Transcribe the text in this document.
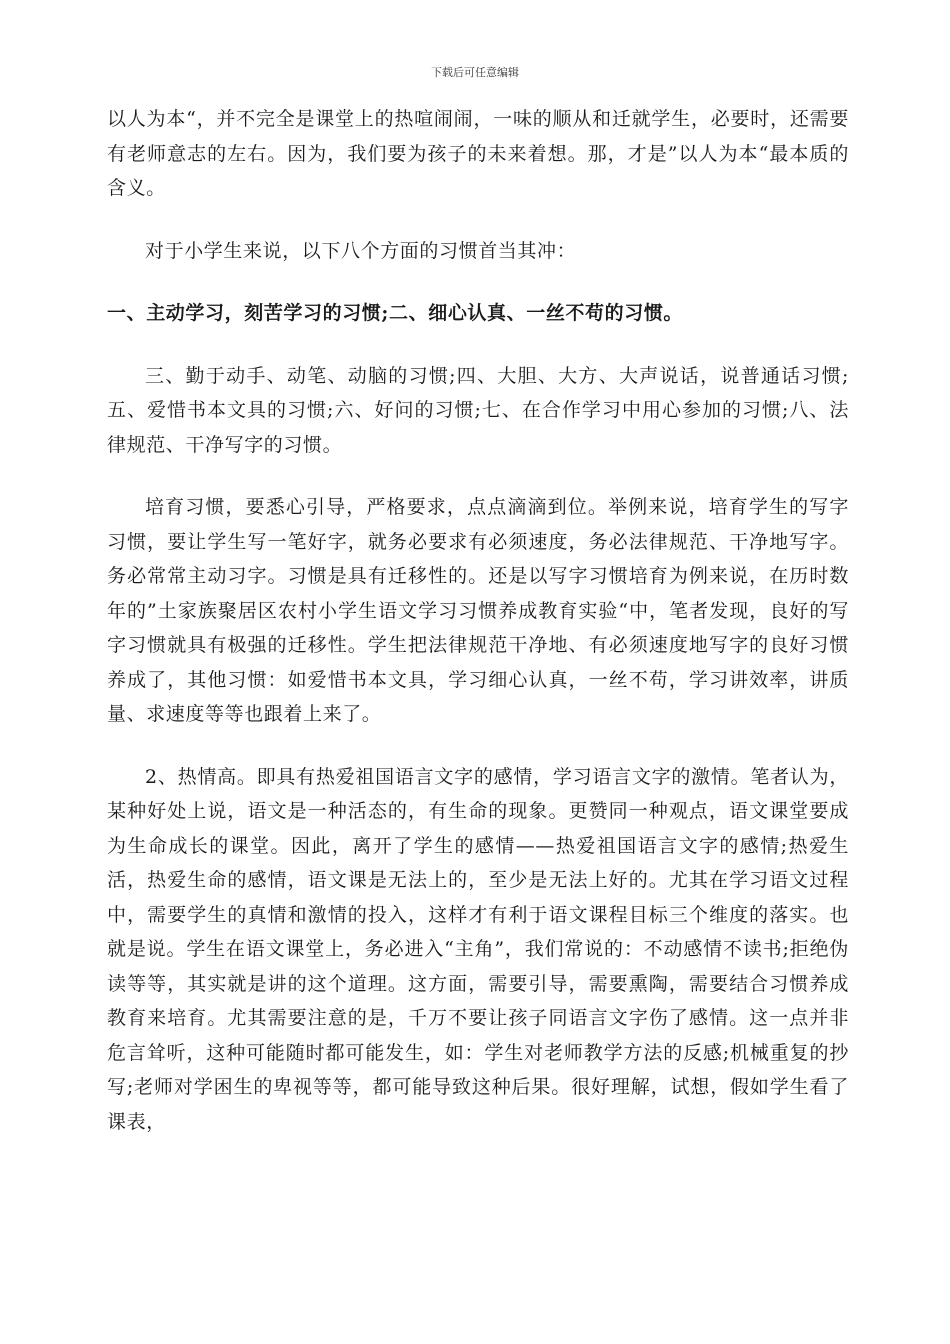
下载后可任意编辑

以人为本“，并不完全是课堂上的热喧闹闹，一味的顺从和迁就学生，必要时，还需要有老师意志的左右。因为，我们要为孩子的未来着想。那，才是”以人为本“最本质的含义。

对于小学生来说，以下八个方面的习惯首当其冲：

一、主动学习，刻苦学习的习惯;二、细心认真、一丝不苟的习惯。

三、勤于动手、动笔、动脑的习惯;四、大胆、大方、大声说话，说普通话习惯;五、爱惜书本文具的习惯;六、好问的习惯;七、在合作学习中用心参加的习惯;八、法律规范、干净写字的习惯。

培育习惯，要悉心引导，严格要求，点点滴滴到位。举例来说，培育学生的写字习惯，要让学生写一笔好字，就务必要求有必须速度，务必法律规范、干净地写字。务必常常主动习字。习惯是具有迁移性的。还是以写字习惯培育为例来说，在历时数年的”土家族聚居区农村小学生语文学习习惯养成教育实验“中，笔者发现，良好的写字习惯就具有极强的迁移性。学生把法律规范干净地、有必须速度地写字的良好习惯养成了，其他习惯：如爱惜书本文具，学习细心认真，一丝不苟，学习讲效率，讲质量、求速度等等也跟着上来了。

2、热情高。即具有热爱祖国语言文字的感情，学习语言文字的激情。笔者认为，某种好处上说，语文是一种活态的，有生命的现象。更赞同一种观点，语文课堂要成为生命成长的课堂。因此，离开了学生的感情——热爱祖国语言文字的感情;热爱生活，热爱生命的感情，语文课是无法上的，至少是无法上好的。尤其在学习语文过程中，需要学生的真情和激情的投入，这样才有利于语文课程目标三个维度的落实。也就是说。学生在语文课堂上，务必进入“主角”，我们常说的：不动感情不读书;拒绝伪读等等，其实就是讲的这个道理。这方面，需要引导，需要熏陶，需要结合习惯养成教育来培育。尤其需要注意的是，千万不要让孩子同语言文字伤了感情。这一点并非危言耸听，这种可能随时都可能发生，如：学生对老师教学方法的反感;机械重复的抄写;老师对学困生的卑视等等，都可能导致这种后果。很好理解，试想，假如学生看了课表，
